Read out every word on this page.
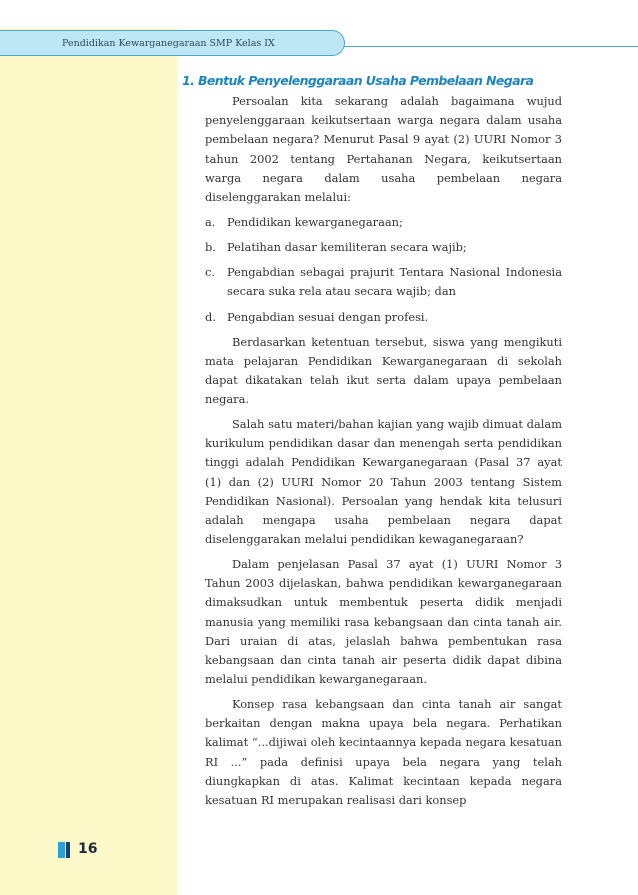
Pendidikan Kewarganegaraan SMP Kelas IX
1. Bentuk Penyelenggaraan Usaha Pembelaan Negara

Persoalan kita sekarang adalah bagaimana wujud penyelenggaraan keikutsertaan warga negara dalam usaha pembelaan negara? Menurut Pasal 9 ayat (2) UURI Nomor 3 tahun 2002 tentang Pertahanan Negara, keikutsertaan warga negara dalam usaha pembelaan negara diselenggarakan melalui:

a.	Pendidikan kewarganegaraan;
b. Pelatihan dasar kemiliteran secara wajib;
c.	Pengabdian sebagai prajurit Tentara Nasional Indonesia secara suka rela atau secara wajib; dan
d. Pengabdian sesuai dengan profesi.

Berdasarkan ketentuan tersebut, siswa yang mengikuti mata pelajaran Pendidikan Kewarganegaraan di sekolah dapat dikatakan telah ikut serta dalam upaya pembelaan negara.

Salah satu materi/bahan kajian yang wajib dimuat dalam kurikulum pendidikan dasar dan menengah serta pendidikan tinggi adalah Pendidikan Kewarganegaraan (Pasal 37 ayat (1) dan (2) UURI Nomor 20 Tahun 2003 tentang Sistem Pendidikan Nasional). Persoalan yang hendak kita telusuri adalah mengapa usaha pembelaan negara dapat diselenggarakan melalui pendidikan kewaganegaraan?

Dalam penjelasan Pasal 37 ayat (1) UURI Nomor 3 Tahun 2003 dijelaskan, bahwa pendidikan kewarganegaraan dimaksudkan untuk membentuk peserta didik menjadi manusia yang memiliki rasa kebangsaan dan cinta tanah air. Dari uraian di atas, jelaslah bahwa pembentukan rasa kebangsaan dan cinta tanah air peserta didik dapat dibina melalui pendidikan kewarganegaraan.

Konsep rasa kebangsaan dan cinta tanah air sangat berkaitan dengan makna upaya bela negara. Perhatikan kalimat “...dijiwai oleh kecintaannya kepada negara kesatuan RI ...” pada definisi upaya bela negara yang telah diungkapkan di atas. Kalimat kecintaan kepada negara kesatuan RI merupakan realisasi dari konsep

16
